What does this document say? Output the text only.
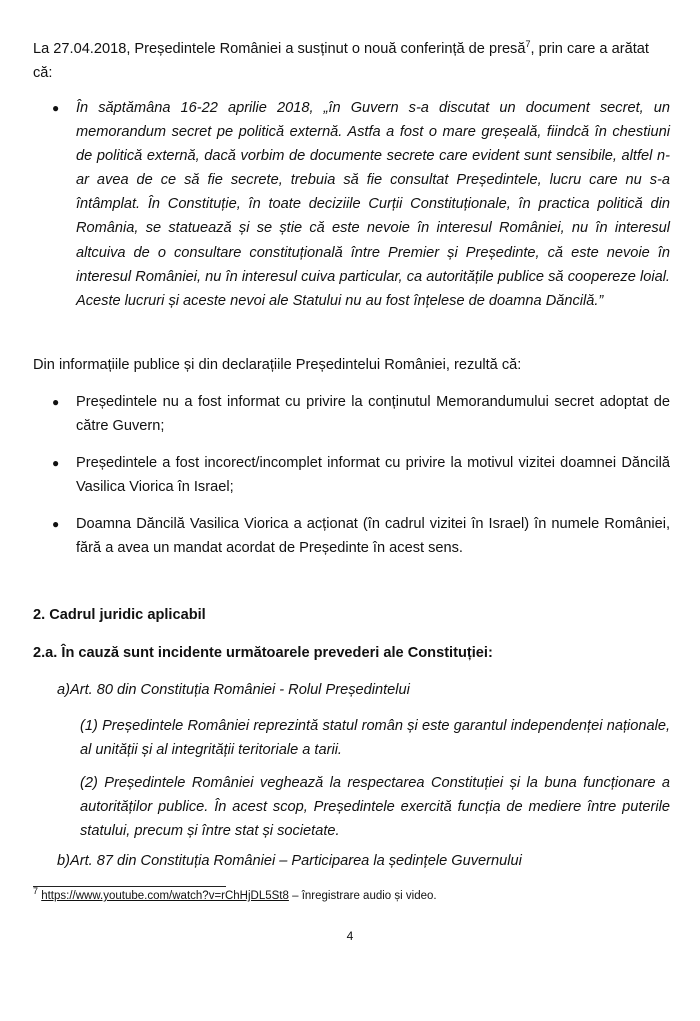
La 27.04.2018, Președintele României a susținut o nouă conferință de presă$^7$, prin care a arătat că:

● În săptămâna 16-22 aprilie 2018, „în Guvern s-a discutat un document secret, un memorandum secret pe politică externă. Astfa a fost o mare greșeală, fiindcă în chestiuni de politică externă, dacă vorbim de documente secrete care evident sunt sensibile, altfel n-ar avea de ce să fie secrete, trebuia să fie consultat Președintele, lucru care nu s-a întâmplat. În Constituție, în toate deciziile Curții Constituționale, în practica politică din România, se statuează și se știe că este nevoie în interesul României, nu în interesul altcuiva de o consultare constituțională între Premier și Președinte, că este nevoie în interesul României, nu în interesul cuiva particular, ca autoritățile publice să coopereze loial. Aceste lucruri și aceste nevoi ale Statului nu au fost înțelese de doamna Dăncilă.”

Din informațiile publice și din declarațiile Președintelui României, rezultă că:

● Președintele nu a fost informat cu privire la conținutul Memorandumului secret adoptat de către Guvern;

● Președintele a fost incorect/incomplet informat cu privire la motivul vizitei doamnei Dăncilă Vasilica Viorica în Israel;

● Doamna Dăncilă Vasilica Viorica a acționat (în cadrul vizitei în Israel) în numele României, fără a avea un mandat acordat de Președinte în acest sens.

2. Cadrul juridic aplicabil

2.a. În cauză sunt incidente următoarele prevederi ale Constituției:

a)Art. 80 din Constituția României - Rolul Președintelui

(1) Președintele României reprezintă statul român și este garantul independenței naționale, al unității și al integrității teritoriale a tarii.

(2) Președintele României veghează la respectarea Constituției și la buna funcționare a autorităților publice. În acest scop, Președintele exercită funcția de mediere între puterile statului, precum și între stat și societate.

b)Art. 87 din Constituția României – Participarea la ședințele Guvernului

$^7$ https://www.youtube.com/watch?v=rChHjDL5St8 – înregistrare audio și video.

4
